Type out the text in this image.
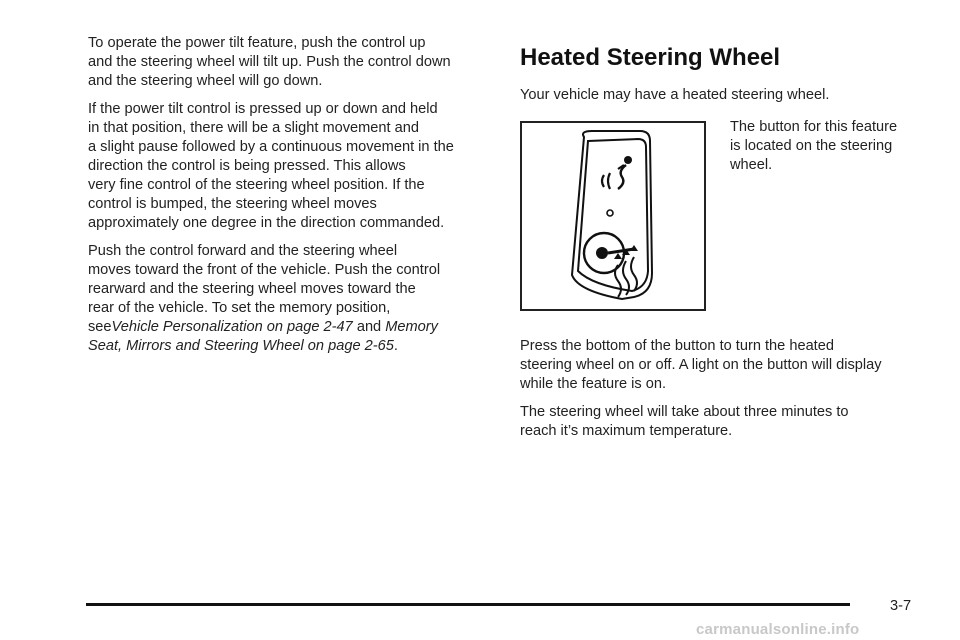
To operate the power tilt feature, push the control up
and the steering wheel will tilt up. Push the control down
and the steering wheel will go down.

If the power tilt control is pressed up or down and held
in that position, there will be a slight movement and
a slight pause followed by a continuous movement in the
direction the control is being pressed. This allows
very fine control of the steering wheel position. If the
control is bumped, the steering wheel moves
approximately one degree in the direction commanded.

Push the control forward and the steering wheel
moves toward the front of the vehicle. Push the control
rearward and the steering wheel moves toward the
rear of the vehicle. To set the memory position,
seeVehicle Personalization on page 2-47 and Memory
Seat, Mirrors and Steering Wheel on page 2-65.

Heated Steering Wheel

Your vehicle may have a heated steering wheel.

The button for this feature
is located on the steering
wheel.

Press the bottom of the button to turn the heated
steering wheel on or off. A light on the button will display
while the feature is on.

The steering wheel will take about three minutes to
reach it’s maximum temperature.

3-7
carmanualsonline.info
